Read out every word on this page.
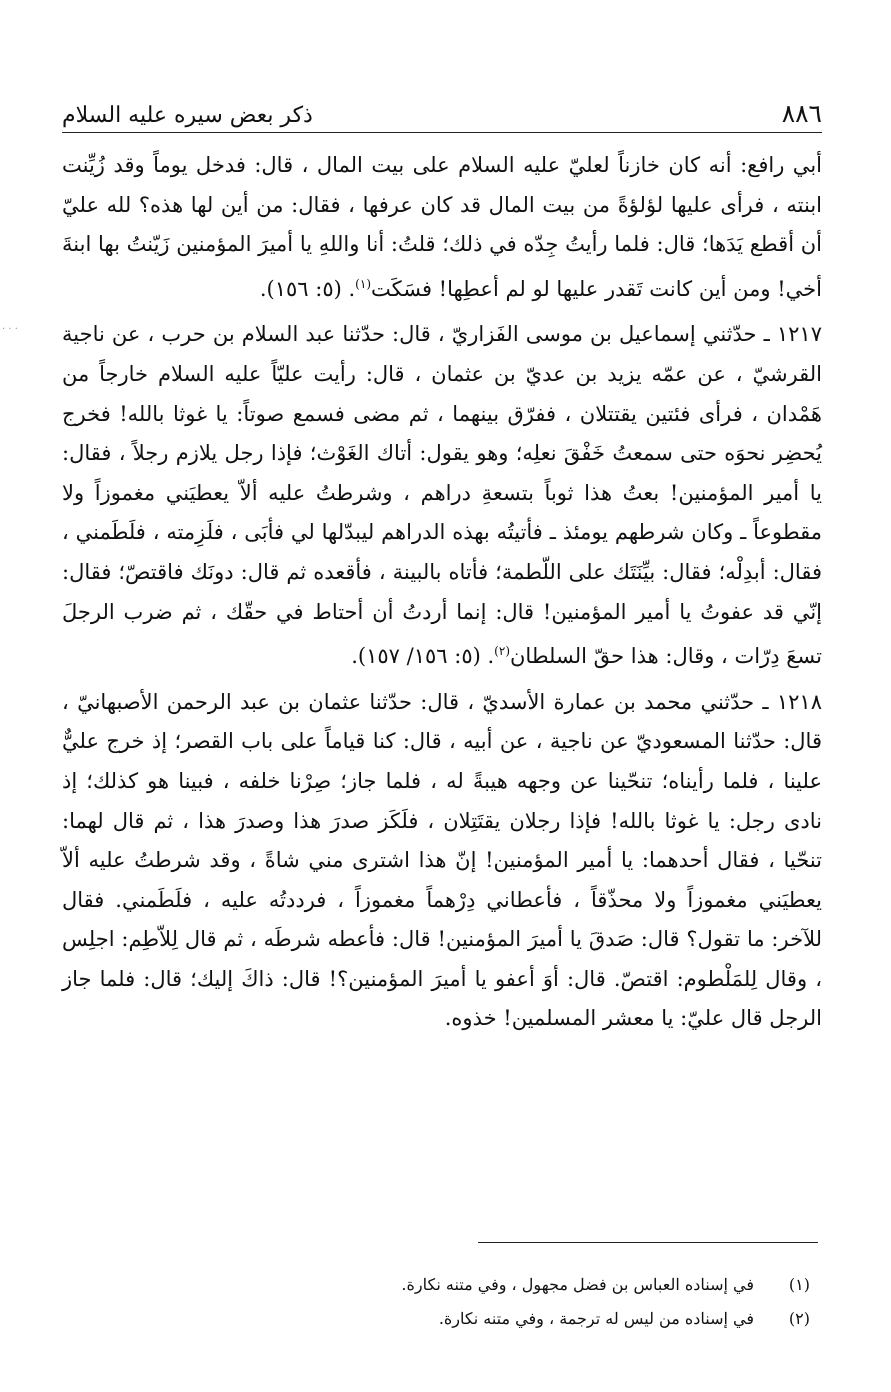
٨٨٦
ذكر بعض سيره عليه السلام

أبي رافع: أنه كان خازناً لعليّ عليه السلام على بيت المال ، قال: فدخل يوماً وقد زُيِّنت ابنته ، فرأى عليها لؤلؤةً من بيت المال قد كان عرفها ، فقال: من أين لها هذه؟ لله عليّ أن أقطع يَدَها؛ قال: فلما رأيتُ جِدّه في ذلك؛ قلتُ: أنا واللهِ يا أميرَ المؤمنين زَيّنتُ بها ابنةَ أخي! ومن أين كانت تَقدر عليها لو لم أعطِها! فسَكَت$^{(١)}$. (٥: ١٥٦).

١٢١٧ ـ حدّثني إسماعيل بن موسى الفَزاريّ ، قال: حدّثنا عبد السلام بن حرب ، عن ناجية القرشيّ ، عن عمّه يزيد بن عديّ بن عثمان ، قال: رأيت عليّاً عليه السلام خارجاً من هَمْدان ، فرأى فئتين يقتتلان ، ففرّق بينهما ، ثم مضى فسمع صوتاً: يا غوثا بالله! فخرج يُحضِر نحوَه حتى سمعتُ خَفْقَ نعلِه؛ وهو يقول: أتاك الغَوْث؛ فإذا رجل يلازم رجلاً ، فقال: يا أمير المؤمنين! بعتُ هذا ثوباً بتسعةِ دراهم ، وشرطتُ عليه ألاّ يعطيَني مغموزاً ولا مقطوعاً ـ وكان شرطهم يومئذ ـ فأتيتُه بهذه الدراهم ليبدّلها لي فأبَى ، فلَزِمته ، فلَطَمني ، فقال: أبدِلْه؛ فقال: بيِّنَتَك على اللّطمة؛ فأتاه بالبينة ، فأقعده ثم قال: دونَك فاقتصّ؛ فقال: إنّي قد عفوتُ يا أمير المؤمنين! قال: إنما أردتُ أن أحتاط في حقّك ، ثم ضرب الرجلَ تسعَ دِرّات ، وقال: هذا حقّ السلطان$^{(٢)}$. (٥: ١٥٦/ ١٥٧).

١٢١٨ ـ حدّثني محمد بن عمارة الأسديّ ، قال: حدّثنا عثمان بن عبد الرحمن الأصبهانيّ ، قال: حدّثنا المسعوديّ عن ناجية ، عن أبيه ، قال: كنا قياماً على باب القصر؛ إذ خرج عليٌّ علينا ، فلما رأيناه؛ تنحّينا عن وجهه هيبةً له ، فلما جاز؛ صِرْنا خلفه ، فبينا هو كذلك؛ إذ نادى رجل: يا غوثا بالله! فإذا رجلان يقتَتِلان ، فلَكَز صدرَ هذا وصدرَ هذا ، ثم قال لهما: تنحّيا ، فقال أحدهما: يا أمير المؤمنين! إنّ هذا اشترى مني شاةً ، وقد شرطتُ عليه ألاّ يعطيَني مغموزاً ولا محذّقاً ، فأعطاني دِرْهماً مغموزاً ، فرددتُه عليه ، فلَطَمني. فقال للآخر: ما تقول؟ قال: صَدقَ يا أميرَ المؤمنين! قال: فأعطه شرطَه ، ثم قال لِلاّطِم: اجلِس ، وقال لِلمَلْطوم: اقتصّ. قال: أوَ أعفو يا أميرَ المؤمنين؟! قال: ذاكَ إليك؛ قال: فلما جاز الرجل قال عليّ: يا معشر المسلمين! خذوه.

(١)
في إسناده العباس بن فضل مجهول ، وفي متنه نكارة.
(٢)
في إسناده من ليس له ترجمة ، وفي متنه نكارة.
· · ·
